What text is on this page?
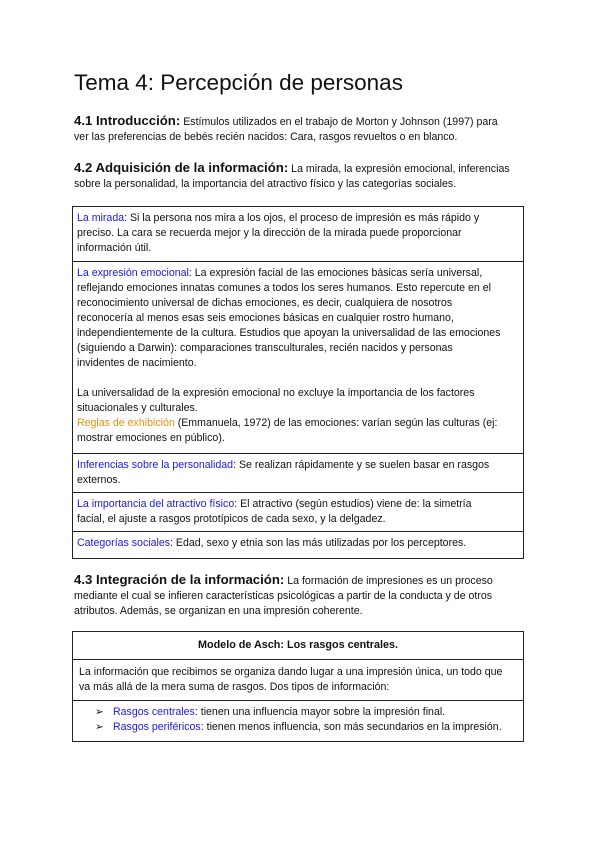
Tema 4: Percepción de personas

4.1 Introducción: Estímulos utilizados en el trabajo de Morton y Johnson (1997) para
ver las preferencias de bebés recién nacidos: Cara, rasgos revueltos o en blanco.

4.2 Adquisición de la información: La mirada, la expresión emocional, inferencias
sobre la personalidad, la importancia del atractivo físico y las categorías sociales.

La mirada: Si la persona nos mira a los ojos, el proceso de impresión es más rápido y
preciso. La cara se recuerda mejor y la dirección de la mirada puede proporcionar
información útil.

La expresión emocional: La expresión facial de las emociones básicas sería universal,
reflejando emociones innatas comunes a todos los seres humanos. Esto repercute en el
reconocimiento universal de dichas emociones, es decir, cualquiera de nosotros
reconocería al menos esas seis emociones básicas en cualquier rostro humano,
independientemente de la cultura. Estudios que apoyan la universalidad de las emociones
(siguiendo a Darwin): comparaciones transculturales, recién nacidos y personas
invidentes de nacimiento.

La universalidad de la expresión emocional no excluye la importancia de los factores
situacionales y culturales.
Reglas de exhibición (Emmanuela, 1972) de las emociones: varían según las culturas (ej:
mostrar emociones en público).

Inferencias sobre la personalidad: Se realizan rápidamente y se suelen basar en rasgos
externos.

La importancia del atractivo físico: El atractivo (según estudios) viene de: la simetría
facial, el ajuste a rasgos prototípicos de cada sexo, y la delgadez.

Categorías sociales: Edad, sexo y etnia son las más utilizadas por los perceptores.

4.3 Integración de la información: La formación de impresiones es un proceso
mediante el cual se infieren características psicológicas a partir de la conducta y de otros
atributos. Además, se organizan en una impresión coherente.

Modelo de Asch: Los rasgos centrales.
La información que recibimos se organiza dando lugar a una impresión única, un todo que
va más allá de la mera suma de rasgos. Dos tipos de información:
➢ Rasgos centrales: tienen una influencia mayor sobre la impresión final.
➢ Rasgos periféricos: tienen menos influencia, son más secundarios en la impresión.
